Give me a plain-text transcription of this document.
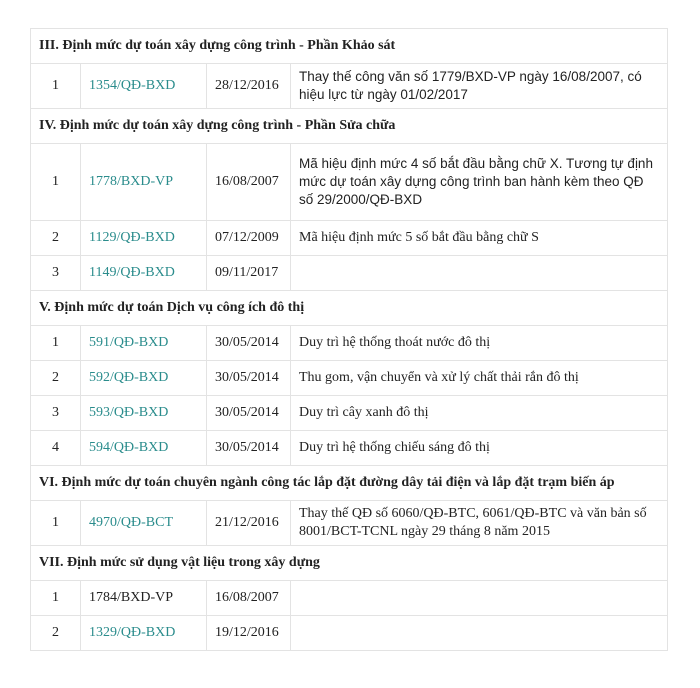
III. Định mức dự toán xây dựng công trình - Phần Khảo sát			
1	1354/QĐ-BXD	28/12/2016	Thay thế công văn số 1779/BXD-VP ngày 16/08/2007, có hiệu lực từ ngày 01/02/2017
IV. Định mức dự toán xây dựng công trình - Phần Sửa chữa			
1	1778/BXD-VP	16/08/2007	Mã hiệu định mức 4 số bắt đầu bằng chữ X. Tương tự định mức dự toán xây dựng công trình ban hành kèm theo QĐ số 29/2000/QĐ-BXD
2	1129/QĐ-BXD	07/12/2009	Mã hiệu định mức 5 số bắt đầu bằng chữ S
3	1149/QĐ-BXD	09/11/2017	
V. Định mức dự toán Dịch vụ công ích đô thị			
1	591/QĐ-BXD	30/05/2014	Duy trì hệ thống thoát nước đô thị
2	592/QĐ-BXD	30/05/2014	Thu gom, vận chuyển và xử lý chất thải rắn đô thị
3	593/QĐ-BXD	30/05/2014	Duy trì cây xanh đô thị
4	594/QĐ-BXD	30/05/2014	Duy trì hệ thống chiếu sáng đô thị
VI. Định mức dự toán chuyên ngành công tác lắp đặt đường dây tải điện và lắp đặt trạm biến áp			
1	4970/QĐ-BCT	21/12/2016	Thay thế QĐ số 6060/QĐ-BTC, 6061/QĐ-BTC và văn bản số 8001/BCT-TCNL ngày 29 tháng 8 năm 2015
VII. Định mức sử dụng vật liệu trong xây dựng			
1	1784/BXD-VP	16/08/2007	
2	1329/QĐ-BXD	19/12/2016	
